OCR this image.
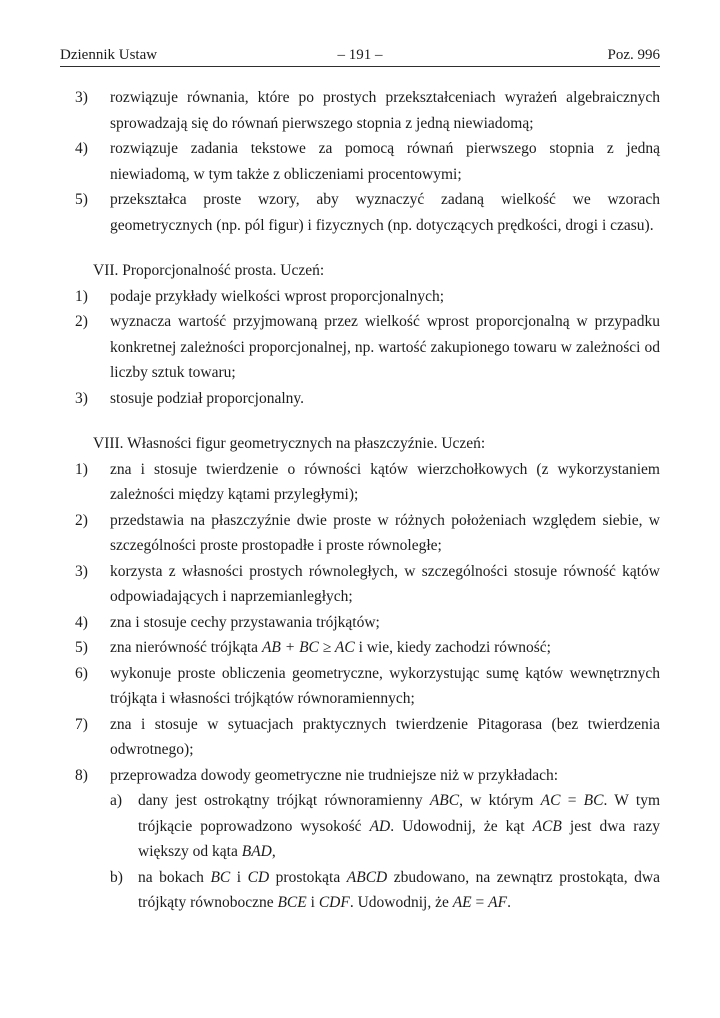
Dziennik Ustaw	– 191 –	Poz. 996
3)	rozwiązuje równania, które po prostych przekształceniach wyrażeń algebraicznych sprowadzają się do równań pierwszego stopnia z jedną niewiadomą;
4)	rozwiązuje zadania tekstowe za pomocą równań pierwszego stopnia z jedną niewiadomą, w tym także z obliczeniami procentowymi;
5)	przekształca proste wzory, aby wyznaczyć zadaną wielkość we wzorach geometrycznych (np. pól figur) i fizycznych (np. dotyczących prędkości, drogi i czasu).
VII. Proporcjonalność prosta. Uczeń:
1)	podaje przykłady wielkości wprost proporcjonalnych;
2)	wyznacza wartość przyjmowaną przez wielkość wprost proporcjonalną w przypadku konkretnej zależności proporcjonalnej, np. wartość zakupionego towaru w zależności od liczby sztuk towaru;
3)	stosuje podział proporcjonalny.
VIII. Własności figur geometrycznych na płaszczyźnie. Uczeń:
1)	zna i stosuje twierdzenie o równości kątów wierzchołkowych (z wykorzystaniem zależności między kątami przyległymi);
2)	przedstawia na płaszczyźnie dwie proste w różnych położeniach względem siebie, w szczególności proste prostopadłe i proste równoległe;
3)	korzysta z własności prostych równoległych, w szczególności stosuje równość kątów odpowiadających i naprzemianległych;
4)	zna i stosuje cechy przystawania trójkątów;
5)	zna nierówność trójkąta AB + BC ≥ AC i wie, kiedy zachodzi równość;
6)	wykonuje proste obliczenia geometryczne, wykorzystując sumę kątów wewnętrznych trójkąta i własności trójkątów równoramiennych;
7)	zna i stosuje w sytuacjach praktycznych twierdzenie Pitagorasa (bez twierdzenia odwrotnego);
8)	przeprowadza dowody geometryczne nie trudniejsze niż w przykładach:
a)	dany jest ostrokątny trójkąt równoramienny ABC, w którym AC = BC. W tym trójkącie poprowadzono wysokość AD. Udowodnij, że kąt ACB jest dwa razy większy od kąta BAD,
b) na bokach BC i CD prostokąta ABCD zbudowano, na zewnątrz prostokąta, dwa trójkąty równoboczne BCE i CDF. Udowodnij, że AE = AF.
